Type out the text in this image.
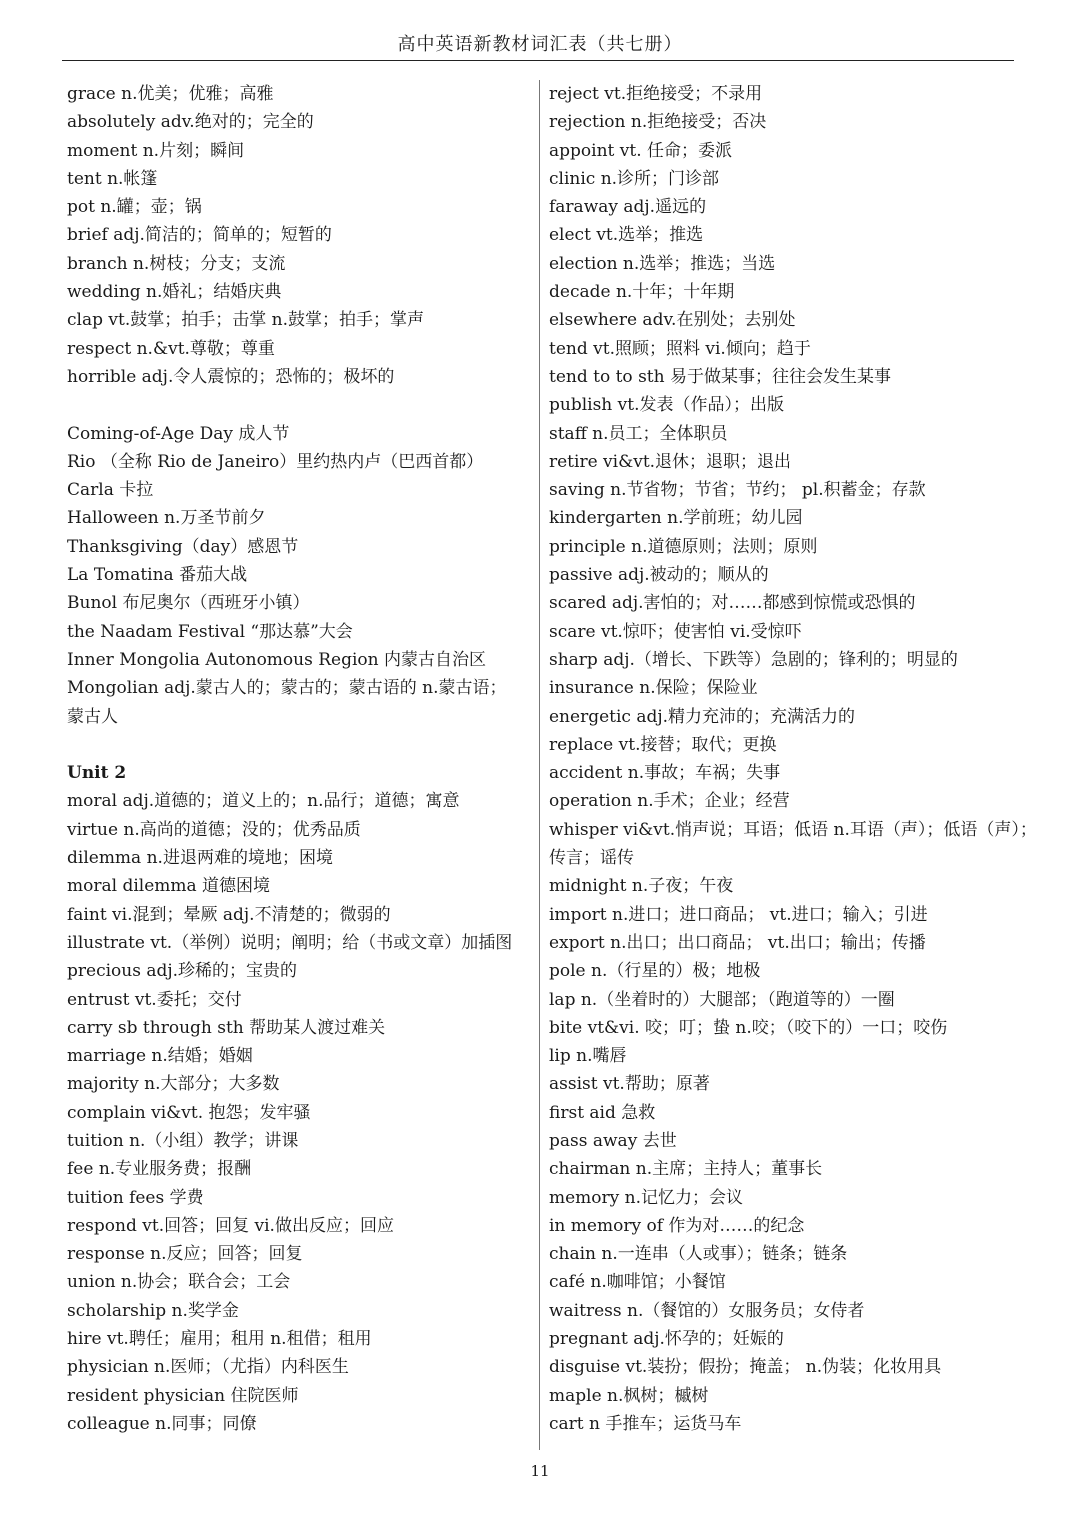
高中英语新教材词汇表（共七册）
grace n.优美；优雅；高雅
absolutely adv.绝对的；完全的
moment n.片刻；瞬间
tent n.帐篷
pot n.罐；壶；锅
brief adj.简洁的；简单的；短暂的
branch n.树枝；分支；支流
wedding n.婚礼；结婚庆典
clap vt.鼓掌；拍手；击掌 n.鼓掌；拍手；掌声
respect n.&vt.尊敬；尊重
horrible adj.令人震惊的；恐怖的；极坏的
Coming-of-Age Day 成人节
Rio （全称 Rio de Janeiro）里约热内卢（巴西首都）
Carla 卡拉
Halloween n.万圣节前夕
Thanksgiving（day）感恩节
La Tomatina 番茄大战
Bunol 布尼奥尔（西班牙小镇）
the Naadam Festival “那达慕”大会
Inner Mongolia Autonomous Region 内蒙古自治区
Mongolian adj.蒙古人的；蒙古的；蒙古语的 n.蒙古语；
蒙古人
Unit 2
moral adj.道德的；道义上的；n.品行；道德；寓意
virtue n.高尚的道德；没的；优秀品质
dilemma n.进退两难的境地；困境
moral dilemma 道德困境
faint vi.混到；晕厥 adj.不清楚的；微弱的
illustrate vt.（举例）说明；阐明；给（书或文章）加插图
precious adj.珍稀的；宝贵的
entrust vt.委托；交付
carry sb through sth 帮助某人渡过难关
marriage n.结婚；婚姻
majority n.大部分；大多数
complain vi&vt. 抱怨；发牢骚
tuition n.（小组）教学；讲课
fee n.专业服务费；报酬
tuition fees 学费
respond vt.回答；回复 vi.做出反应；回应
response n.反应；回答；回复
union n.协会；联合会；工会
scholarship n.奖学金
hire vt.聘任；雇用；租用 n.租借；租用
physician n.医师；（尤指）内科医生
resident physician 住院医师
colleague n.同事；同僚
reject vt.拒绝接受；不录用
rejection n.拒绝接受；否决
appoint vt. 任命；委派
clinic n.诊所；门诊部
faraway adj.遥远的
elect vt.选举；推选
election n.选举；推选；当选
decade n.十年；十年期
elsewhere adv.在别处；去别处
tend vt.照顾；照料 vi.倾向；趋于
tend to to sth 易于做某事；往往会发生某事
publish vt.发表（作品）；出版
staff n.员工；全体职员
retire vi&vt.退休；退职；退出
saving n.节省物；节省；节约； pl.积蓄金；存款
kindergarten n.学前班；幼儿园
principle n.道德原则；法则；原则
passive adj.被动的；顺从的
scared adj.害怕的；对……都感到惊慌或恐惧的
scare vt.惊吓；使害怕 vi.受惊吓
sharp adj.（增长、下跌等）急剧的；锋利的；明显的
insurance n.保险；保险业
energetic adj.精力充沛的；充满活力的
replace vt.接替；取代；更换
accident n.事故；车祸；失事
operation n.手术；企业；经营
whisper vi&vt.悄声说；耳语；低语 n.耳语（声）；低语（声）；
传言；谣传
midnight n.子夜；午夜
import n.进口；进口商品； vt.进口；输入；引进
export n.出口；出口商品； vt.出口；输出；传播
pole n.（行星的）极；地极
lap n.（坐着时的）大腿部；（跑道等的）一圈
bite vt&vi. 咬；叮；蛰 n.咬；（咬下的）一口；咬伤
lip n.嘴唇
assist vt.帮助；原著
first aid 急救
pass away 去世
chairman n.主席；主持人；董事长
memory n.记忆力；会议
in memory of 作为对……的纪念
chain n.一连串（人或事）；链条；链条
café n.咖啡馆；小餐馆
waitress n.（餐馆的）女服务员；女侍者
pregnant adj.怀孕的；妊娠的
disguise vt.装扮；假扮；掩盖； n.伪装；化妆用具
maple n.枫树；槭树
cart n 手推车；运货马车
11
